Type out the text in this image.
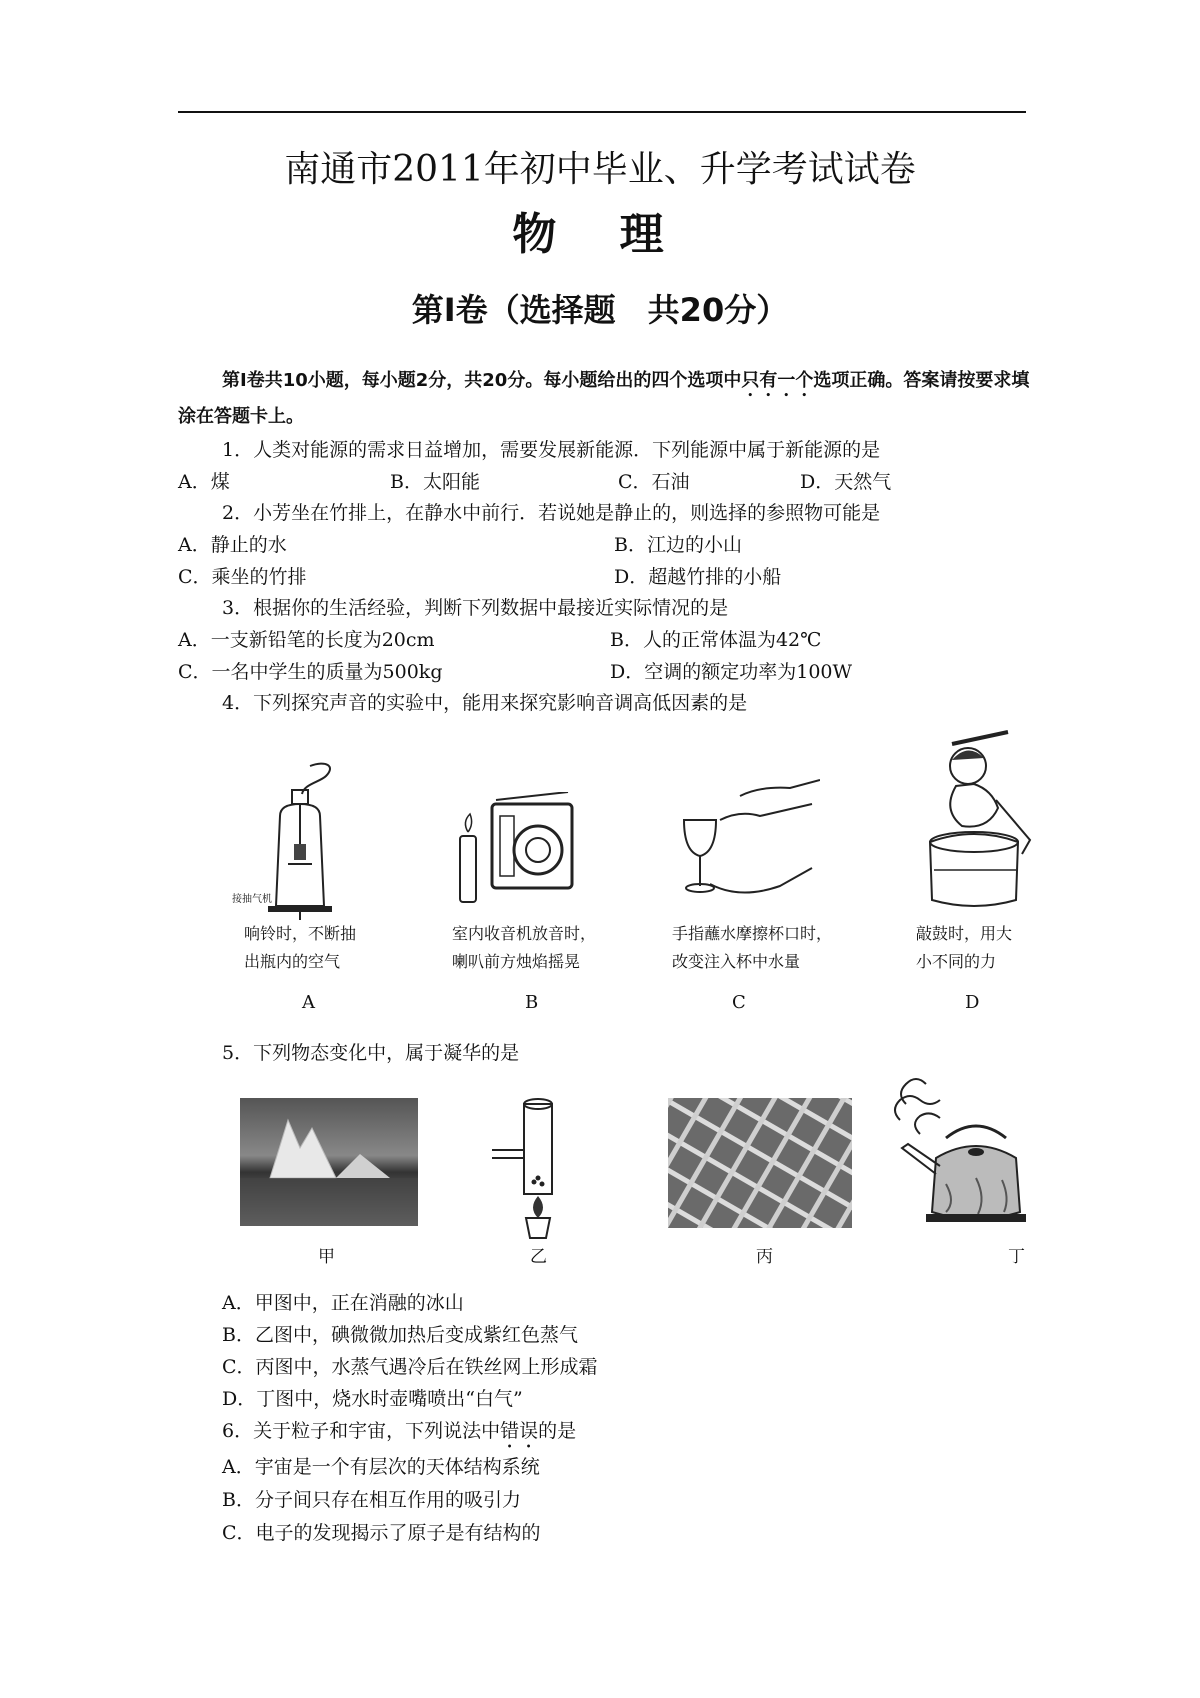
南通市2011年初中毕业、升学考试试卷
物 理
第Ⅰ卷（选择题　共20分）
第Ⅰ卷共10小题，每小题2分，共20分。每小题给出的四个选项中只有一个选项正确。答案请按要求填涂在答题卡上。
1．人类对能源的需求日益增加，需要发展新能源．下列能源中属于新能源的是
A．煤	B．太阳能	C．石油	D．天然气
2．小芳坐在竹排上，在静水中前行．若说她是静止的，则选择的参照物可能是
A．静止的水	B．江边的小山
C．乘坐的竹排	D．超越竹排的小船
3．根据你的生活经验，判断下列数据中最接近实际情况的是
A．一支新铅笔的长度为20cm	B．人的正常体温为42℃
C．一名中学生的质量为500kg	D．空调的额定功率为100W
4．下列探究声音的实验中，能用来探究影响音调高低因素的是
接抽气机
响铃时，不断抽
出瓶内的空气
A
室内收音机放音时，
喇叭前方烛焰摇晃
B
手指蘸水摩擦杯口时，
改变注入杯中水量
C
敲鼓时，用大
小不同的力
D
5．下列物态变化中，属于凝华的是
甲	乙	丙	丁
A．甲图中，正在消融的冰山
B．乙图中，碘微微加热后变成紫红色蒸气
C．丙图中，水蒸气遇冷后在铁丝网上形成霜
D．丁图中，烧水时壶嘴喷出“白气”
6．关于粒子和宇宙，下列说法中错误的是
A．宇宙是一个有层次的天体结构系统
B．分子间只存在相互作用的吸引力
C．电子的发现揭示了原子是有结构的
